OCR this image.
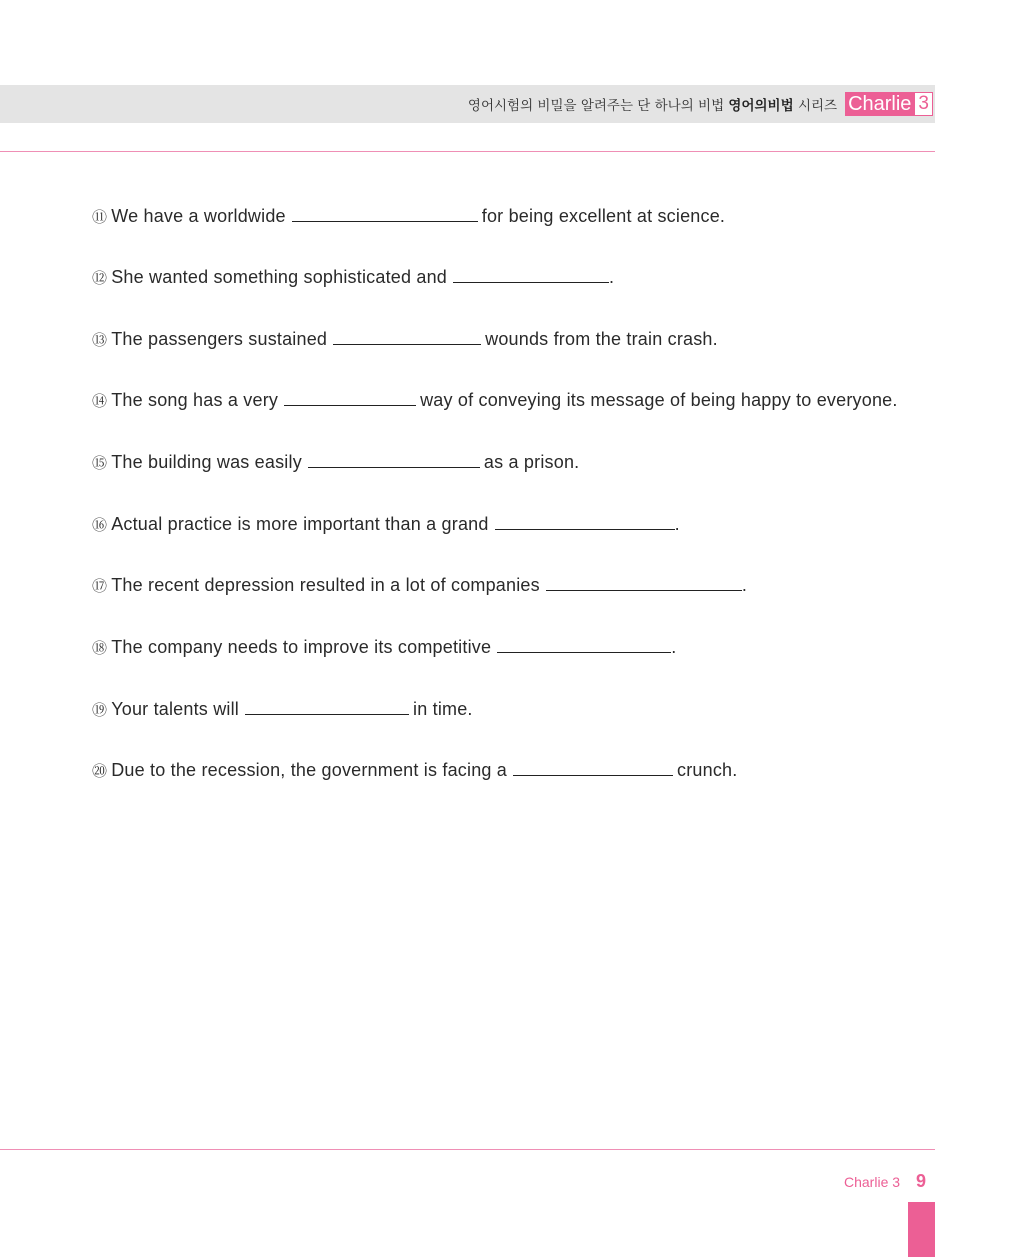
영어시험의 비밀을 알려주는 단 하나의 비법 영어의비법 시리즈 Charlie 3
⑪ We have a worldwide	for being excellent at science.
⑫ She wanted something sophisticated and	.
⑬ The passengers sustained	wounds from the train crash.
⑭ The song has a very	way of conveying its message of being happy to everyone.
⑮ The building was easily	as a prison.
⑯ Actual practice is more important than a grand	.
⑰ The recent depression resulted in a lot of companies	.
⑱ The company needs to improve its competitive	.
⑲ Your talents will	in time.
⑳ Due to the recession, the government is facing a	crunch.
Charlie 3 9
